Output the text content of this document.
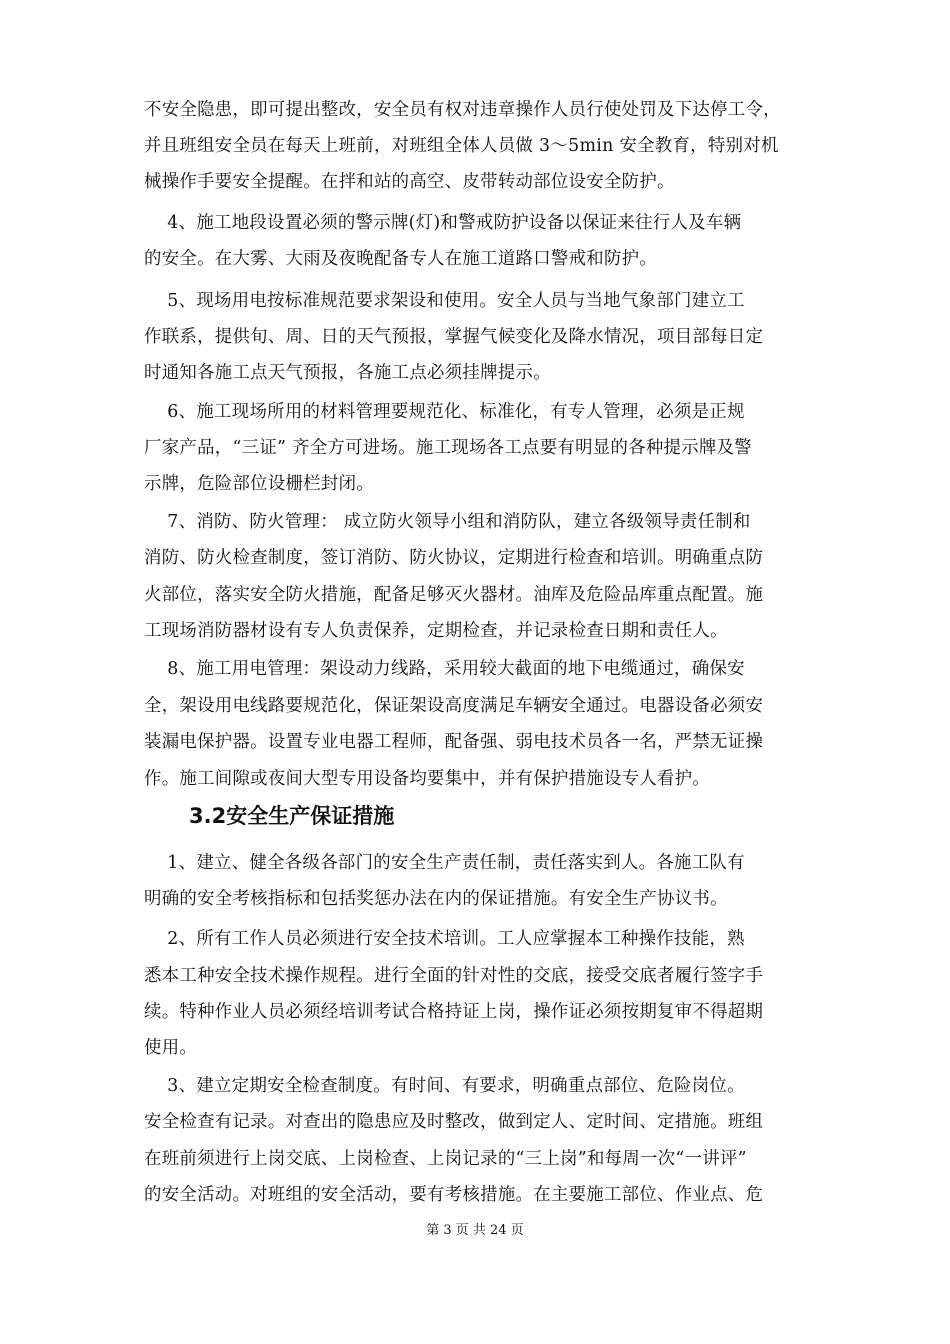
不安全隐患，即可提出整改，安全员有权对违章操作人员行使处罚及下达停工令，
并且班组安全员在每天上班前，对班组全体人员做 3～5min 安全教育，特别对机
械操作手要安全提醒。在拌和站的高空、皮带转动部位设安全防护。
4、施工地段设置必须的警示牌(灯)和警戒防护设备以保证来往行人及车辆
的安全。在大雾、大雨及夜晚配备专人在施工道路口警戒和防护。
5、现场用电按标准规范要求架设和使用。安全人员与当地气象部门建立工
作联系，提供旬、周、日的天气预报，掌握气候变化及降水情况，项目部每日定
时通知各施工点天气预报，各施工点必须挂牌提示。
6、施工现场所用的材料管理要规范化、标准化，有专人管理，必须是正规
厂家产品，“三证” 齐全方可进场。施工现场各工点要有明显的各种提示牌及警
示牌，危险部位设栅栏封闭。
7、消防、防火管理： 成立防火领导小组和消防队，建立各级领导责任制和
消防、防火检查制度，签订消防、防火协议，定期进行检查和培训。明确重点防
火部位，落实安全防火措施，配备足够灭火器材。油库及危险品库重点配置。施
工现场消防器材设有专人负责保养，定期检查，并记录检查日期和责任人。
8、施工用电管理：架设动力线路，采用较大截面的地下电缆通过，确保安
全，架设用电线路要规范化，保证架设高度满足车辆安全通过。电器设备必须安
装漏电保护器。设置专业电器工程师，配备强、弱电技术员各一名，严禁无证操
作。施工间隙或夜间大型专用设备均要集中，并有保护措施设专人看护。
3.2安全生产保证措施
1、建立、健全各级各部门的安全生产责任制，责任落实到人。各施工队有
明确的安全考核指标和包括奖惩办法在内的保证措施。有安全生产协议书。
2、所有工作人员必须进行安全技术培训。工人应掌握本工种操作技能，熟
悉本工种安全技术操作规程。进行全面的针对性的交底，接受交底者履行签字手
续。特种作业人员必须经培训考试合格持证上岗，操作证必须按期复审不得超期
使用。
3、建立定期安全检查制度。有时间、有要求，明确重点部位、危险岗位。
安全检查有记录。对查出的隐患应及时整改，做到定人、定时间、定措施。班组
在班前须进行上岗交底、上岗检查、上岗记录的“三上岗”和每周一次“一讲评”
的安全活动。对班组的安全活动，要有考核措施。在主要施工部位、作业点、危
第 3 页 共 24 页
